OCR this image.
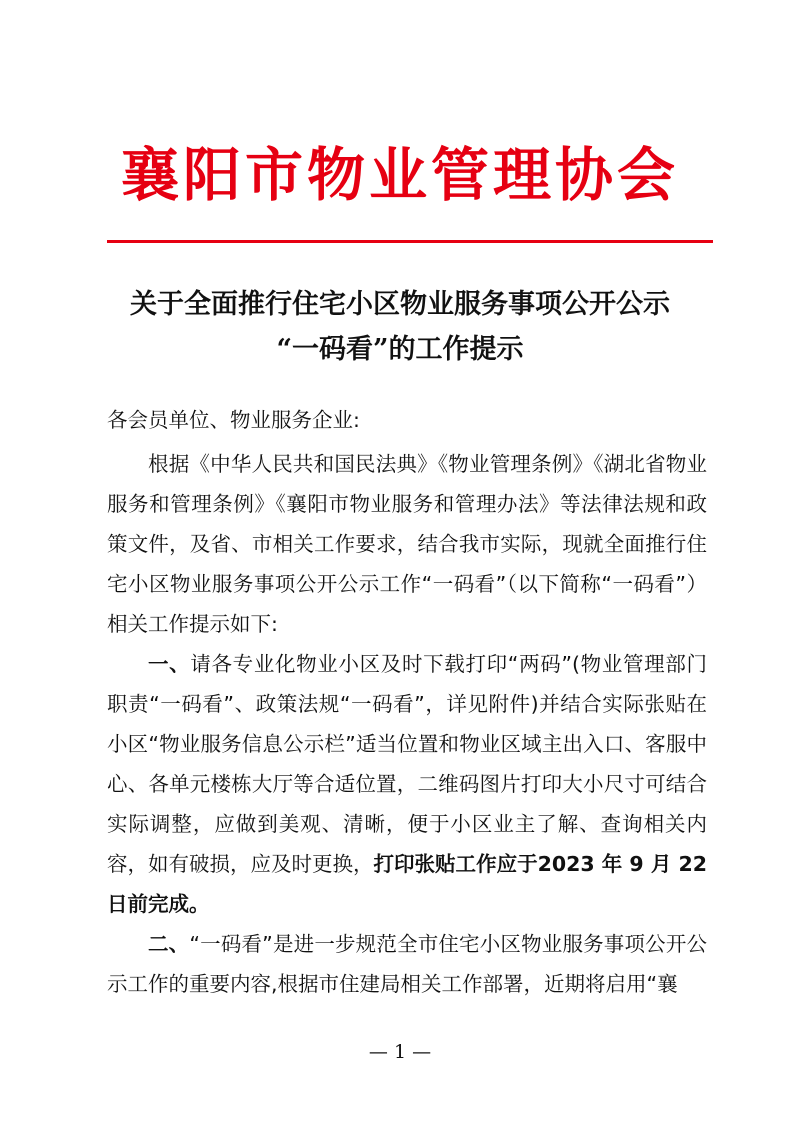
襄阳市物业管理协会
关于全面推行住宅小区物业服务事项公开公示
“一码看”的工作提示

各会员单位、物业服务企业:

根据《中华人民共和国民法典》《物业管理条例》《湖北省物业服务和管理条例》《襄阳市物业服务和管理办法》等法律法规和政策文件，及省、市相关工作要求，结合我市实际，现就全面推行住宅小区物业服务事项公开公示工作“一码看”（以下简称“一码看”）相关工作提示如下:

一、请各专业化物业小区及时下载打印“两码”(物业管理部门职责“一码看”、政策法规“一码看”，详见附件)并结合实际张贴在小区“物业服务信息公示栏”适当位置和物业区域主出入口、客服中心、各单元楼栋大厅等合适位置，二维码图片打印大小尺寸可结合实际调整，应做到美观、清晰，便于小区业主了解、查询相关内容，如有破损，应及时更换，打印张贴工作应于2023 年 9 月 22 日前完成。

二、“一码看”是进一步规范全市住宅小区物业服务事项公开公示工作的重要内容,根据市住建局相关工作部署，近期将启用“襄

— 1 —
